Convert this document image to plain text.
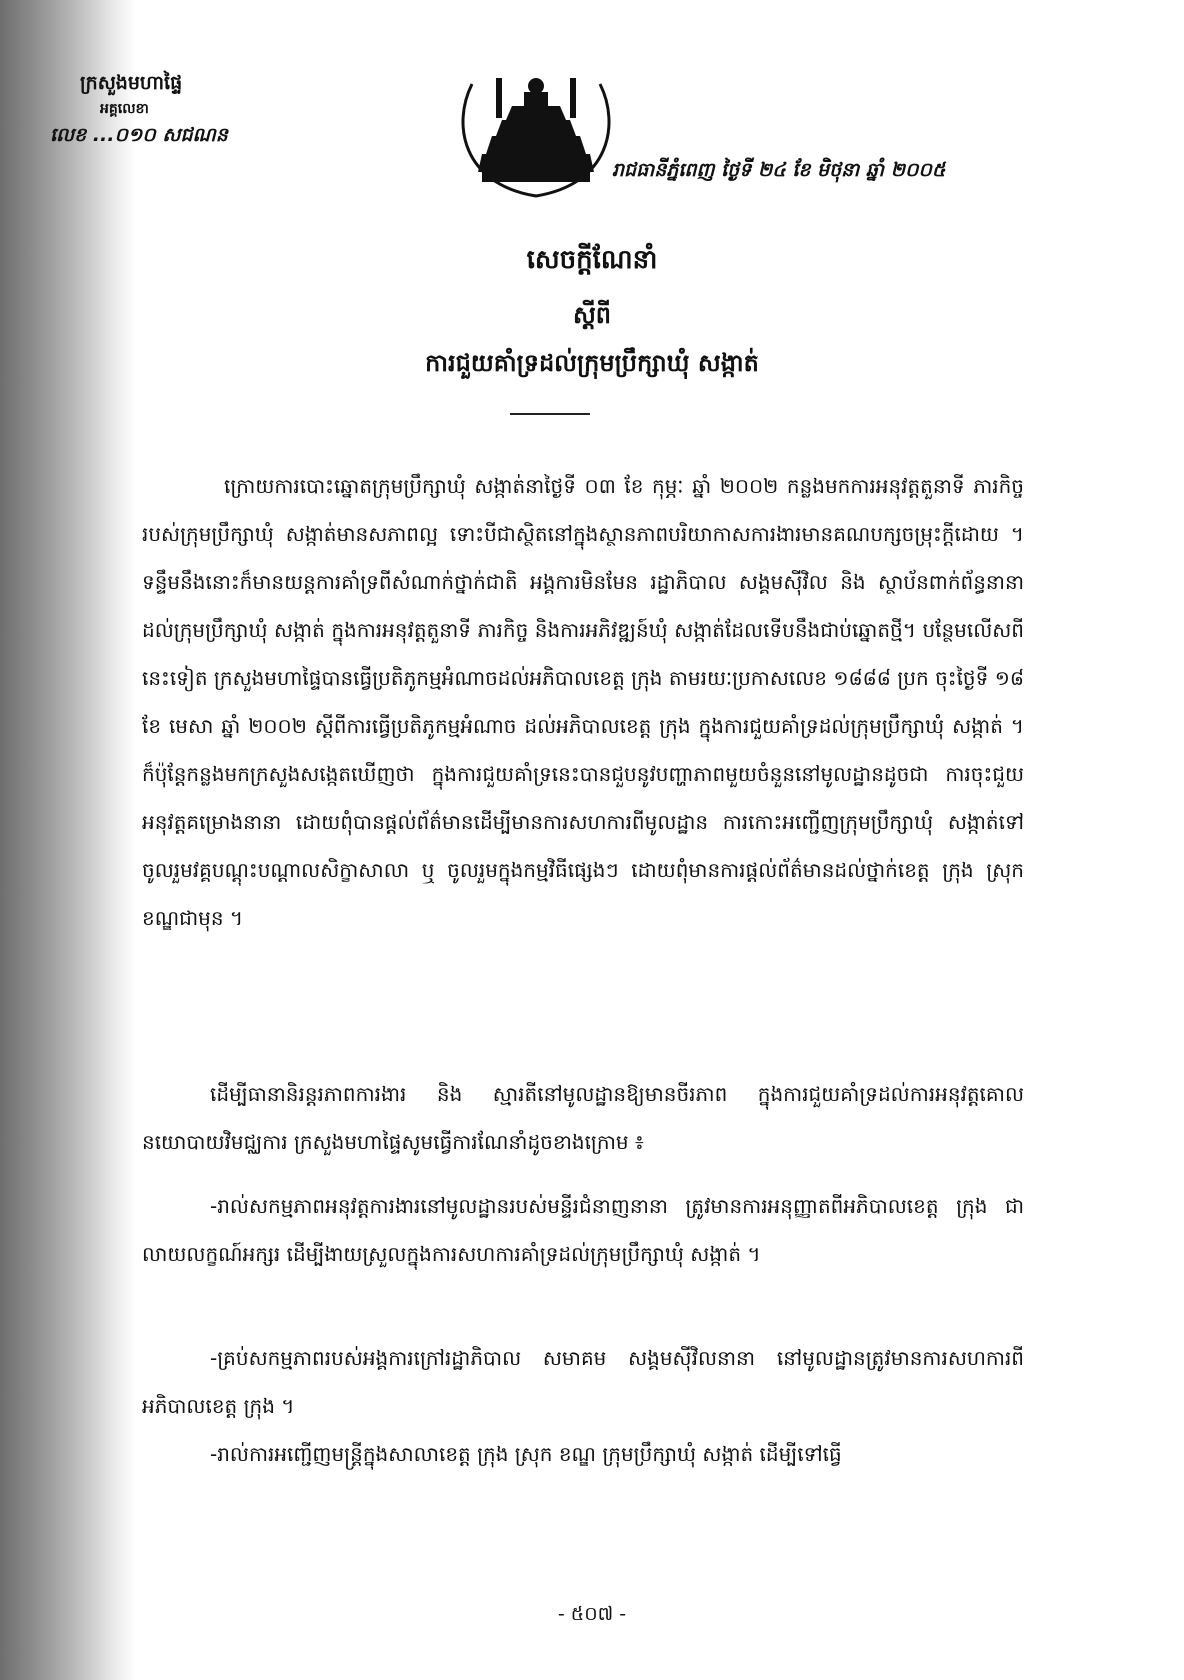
ក្រសួងមហាផ្ទៃ
អគ្គលេខា
លេខ ...០១០ សជណន
រាជធានីភ្នំពេញ ថ្ងៃទី ២៤ ខែ មិថុនា ឆ្នាំ ២០០៥
សេចក្តីណែនាំ
ស្តីពី
ការជួយគាំទ្រដល់ក្រុមប្រឹក្សាឃុំ សង្កាត់
ក្រោយការបោះឆ្នោតក្រុមប្រឹក្សាឃុំ សង្កាត់នាថ្ងៃទី ០៣ ខែ កុម្ភៈ ឆ្នាំ ២០០២ កន្លងមកការអនុវត្តតួនាទី ភារកិច្ច របស់ក្រុមប្រឹក្សាឃុំ សង្កាត់មានសភាពល្អ ទោះបីជាស្ថិតនៅក្នុងស្ថានភាពបរិយាកាសការងារមានគណបក្សចម្រុះក្តីដោយ ។ ទន្ទឹមនឹងនោះក៏មានយន្តការគាំទ្រពីសំណាក់ថ្នាក់ជាតិ អង្គការមិនមែន រដ្ឋាភិបាល សង្គមស៊ីវិល និង ស្ថាប័នពាក់ព័ន្ធនានា ដល់ក្រុមប្រឹក្សាឃុំ សង្កាត់ ក្នុងការអនុវត្តតួនាទី ភារកិច្ច និងការអភិវឌ្ឍន៍ឃុំ សង្កាត់ដែលទើបនឹងជាប់ឆ្នោតថ្មី។ បន្ថែមលើសពីនេះទៀត ក្រសួងមហាផ្ទៃបានធ្វើប្រតិភូកម្មអំណាចដល់អភិបាលខេត្ត ក្រុង តាមរយៈប្រកាសលេខ ១៨៨៨ ប្រក ចុះថ្ងៃទី ១៨ ខែ មេសា ឆ្នាំ ២០០២ ស្តីពីការធ្វើប្រតិភូកម្មអំណាច ដល់អភិបាលខេត្ត ក្រុង ក្នុងការជួយគាំទ្រដល់ក្រុមប្រឹក្សាឃុំ សង្កាត់ ។ ក៏ប៉ុន្តែកន្លងមកក្រសួងសង្កេតឃើញថា ក្នុងការជួយគាំទ្រនេះបានជួបនូវបញ្ហាភាពមួយចំនួននៅមូលដ្ឋានដូចជា ការចុះជួយអនុវត្តគម្រោងនានា ដោយពុំបានផ្តល់ព័ត៌មានដើម្បីមានការសហការពីមូលដ្ឋាន ការកោះអញ្ជើញក្រុមប្រឹក្សាឃុំ សង្កាត់ទៅចូលរួមវគ្គបណ្តុះបណ្តាលសិក្ខាសាលា ឬ ចូលរួមក្នុងកម្មវិធីផ្សេងៗ ដោយពុំមានការផ្តល់ព័ត៌មានដល់ថ្នាក់ខេត្ត ក្រុង ស្រុក ខណ្ឌជាមុន ។
ដើម្បីធានានិរន្តរភាពការងារ និង ស្មារតីនៅមូលដ្ឋានឱ្យមានចីរភាព ក្នុងការជួយគាំទ្រដល់ការអនុវត្តគោលនយោបាយវិមជ្ឈការ ក្រសួងមហាផ្ទៃសូមធ្វើការណែនាំដូចខាងក្រោម ៖
-រាល់សកម្មភាពអនុវត្តការងារនៅមូលដ្ឋានរបស់មន្ទីរជំនាញនានា ត្រូវមានការអនុញ្ញាតពីអភិបាលខេត្ត ក្រុង ជាលាយលក្ខណ៍អក្សរ ដើម្បីងាយស្រួលក្នុងការសហការគាំទ្រដល់ក្រុមប្រឹក្សាឃុំ សង្កាត់ ។
-គ្រប់សកម្មភាពរបស់អង្គការក្រៅរដ្ឋាភិបាល សមាគម សង្គមស៊ីវិលនានា នៅមូលដ្ឋានត្រូវមានការសហការពីអភិបាលខេត្ត ក្រុង ។
-រាល់ការអញ្ជើញមន្ត្រីក្នុងសាលាខេត្ត ក្រុង ស្រុក ខណ្ឌ ក្រុមប្រឹក្សាឃុំ សង្កាត់ ដើម្បីទៅធ្វើ
- ៥០៧ -
